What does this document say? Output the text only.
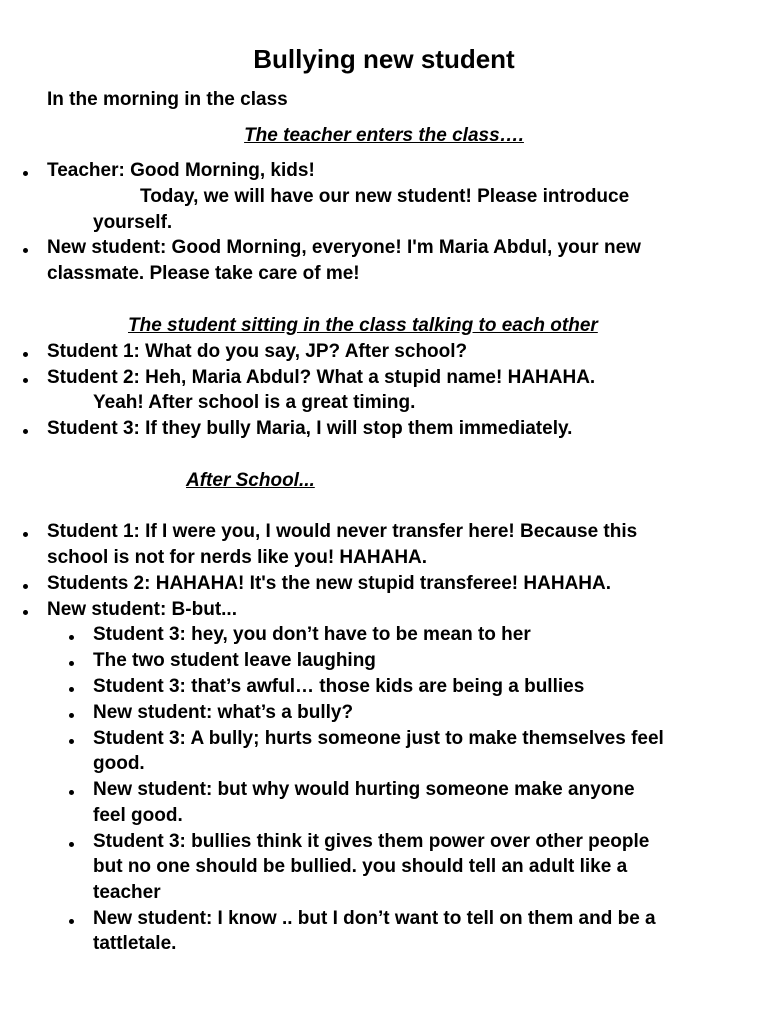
Bullying new student
In the morning in the class
The teacher enters the class….
Teacher: Good Morning, kids!
Today, we will have our new student! Please introduce
yourself.
New student: Good Morning, everyone! I'm Maria Abdul, your new
classmate. Please take care of me!
The student sitting in the class talking to each other
Student 1: What do you say, JP? After school?
Student 2: Heh, Maria Abdul? What a stupid name! HAHAHA.
Yeah! After school is a great timing.
Student 3: If they bully Maria, I will stop them immediately.
After School...
Student 1: If I were you, I would never transfer here! Because this
school is not for nerds like you! HAHAHA.
Students 2: HAHAHA! It's the new stupid transferee! HAHAHA.
New student: B-but...
Student 3: hey, you don’t have to be mean to her
The two student leave laughing
Student 3: that’s awful… those kids are being a bullies
New student: what’s a bully?
Student 3: A bully; hurts someone just to make themselves feel
good.
New student: but why would hurting someone make anyone
feel good.
Student 3: bullies think it gives them power over other people
but no one should be bullied. you should tell an adult like a
teacher
New student: I know .. but I don’t want to tell on them and be a
tattletale.
